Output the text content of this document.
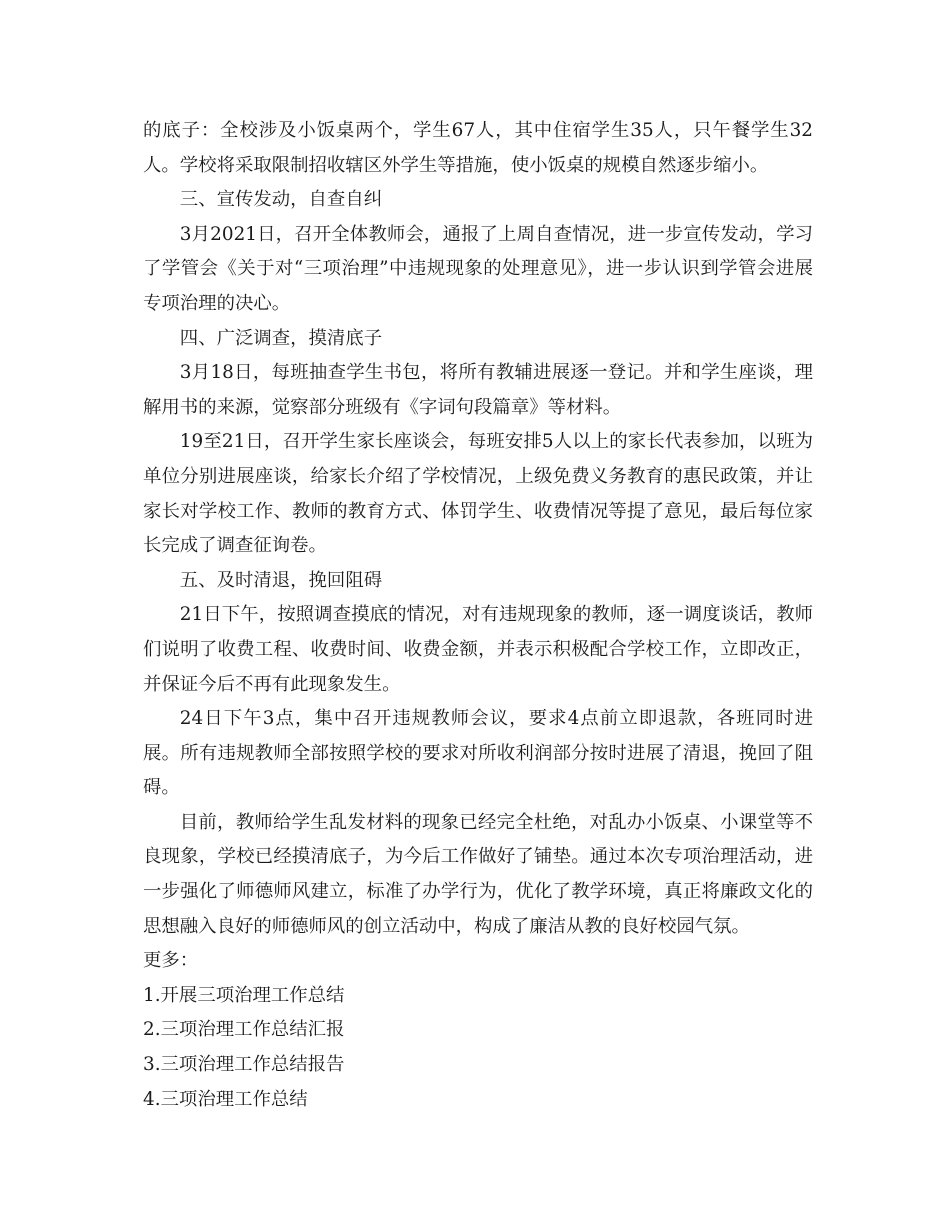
的底子：全校涉及小饭桌两个，学生67人，其中住宿学生35人，只午餐学生32人。学校将采取限制招收辖区外学生等措施，使小饭桌的规模自然逐步缩小。

三、宣传发动，自查自纠

3月2021日，召开全体教师会，通报了上周自查情况，进一步宣传发动，学习了学管会《关于对“三项治理”中违规现象的处理意见》，进一步认识到学管会进展专项治理的决心。

四、广泛调查，摸清底子

3月18日，每班抽查学生书包，将所有教辅进展逐一登记。并和学生座谈，理解用书的来源，觉察部分班级有《字词句段篇章》等材料。

19至21日，召开学生家长座谈会，每班安排5人以上的家长代表参加，以班为单位分别进展座谈，给家长介绍了学校情况，上级免费义务教育的惠民政策，并让家长对学校工作、教师的教育方式、体罚学生、收费情况等提了意见，最后每位家长完成了调查征询卷。

五、及时清退，挽回阻碍

21日下午，按照调查摸底的情况，对有违规现象的教师，逐一调度谈话，教师们说明了收费工程、收费时间、收费金额，并表示积极配合学校工作，立即改正，并保证今后不再有此现象发生。

24日下午3点，集中召开违规教师会议，要求4点前立即退款，各班同时进展。所有违规教师全部按照学校的要求对所收利润部分按时进展了清退，挽回了阻碍。

目前，教师给学生乱发材料的现象已经完全杜绝，对乱办小饭桌、小课堂等不良现象，学校已经摸清底子，为今后工作做好了铺垫。通过本次专项治理活动，进一步强化了师德师风建立，标准了办学行为，优化了教学环境，真正将廉政文化的思想融入良好的师德师风的创立活动中，构成了廉洁从教的良好校园气氛。

更多：

1.开展三项治理工作总结
2.三项治理工作总结汇报
3.三项治理工作总结报告
4.三项治理工作总结
